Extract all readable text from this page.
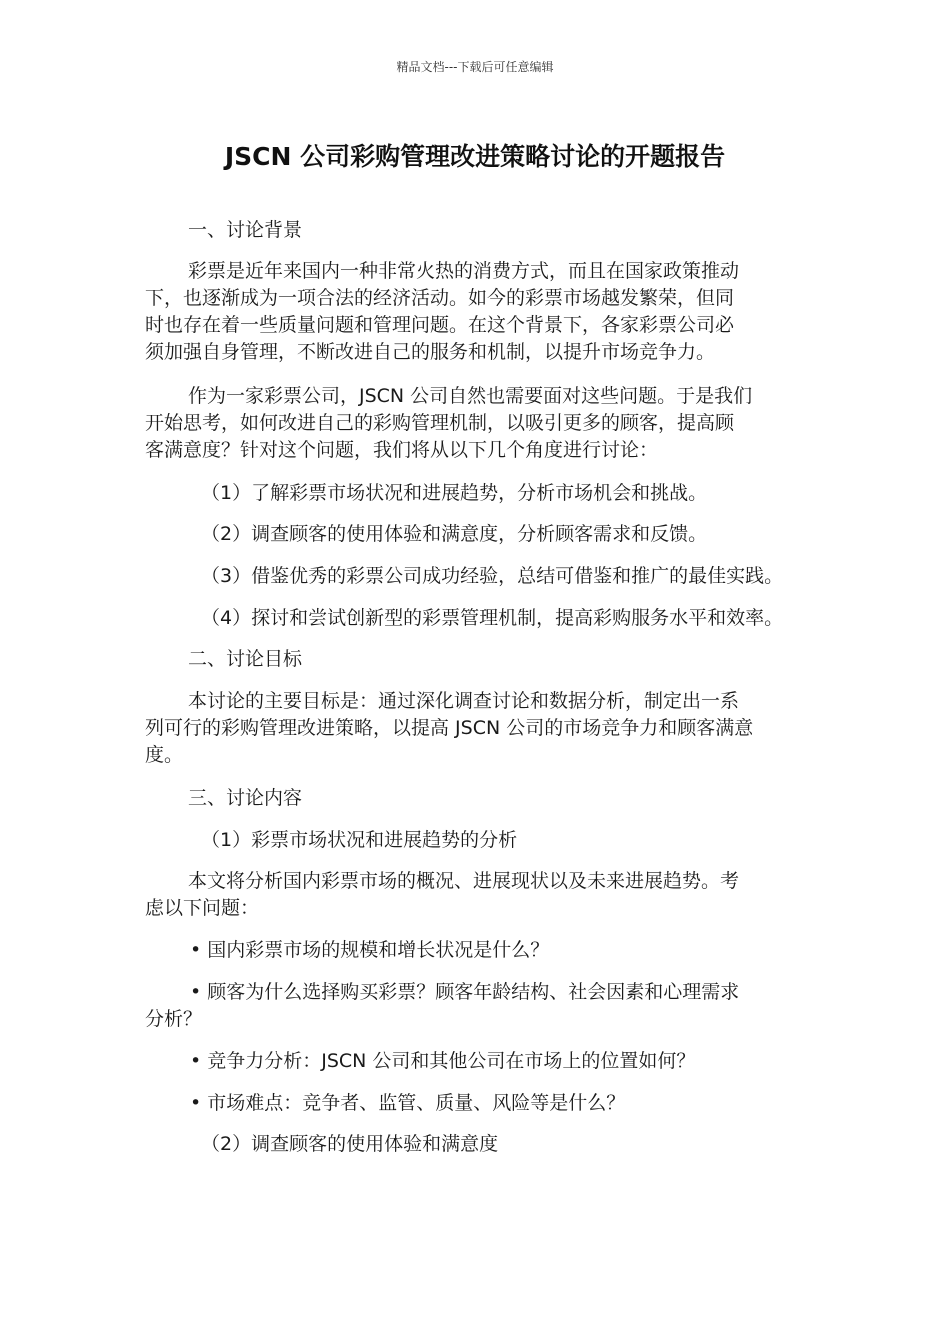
精品文档---下载后可任意编辑
JSCN 公司彩购管理改进策略讨论的开题报告
一、讨论背景
彩票是近年来国内一种非常火热的消费方式，而且在国家政策推动
下，也逐渐成为一项合法的经济活动。如今的彩票市场越发繁荣，但同
时也存在着一些质量问题和管理问题。在这个背景下，各家彩票公司必
须加强自身管理，不断改进自己的服务和机制，以提升市场竞争力。
作为一家彩票公司，JSCN 公司自然也需要面对这些问题。于是我们
开始思考，如何改进自己的彩购管理机制，以吸引更多的顾客，提高顾
客满意度？针对这个问题，我们将从以下几个角度进行讨论：
（1）了解彩票市场状况和进展趋势，分析市场机会和挑战。
（2）调查顾客的使用体验和满意度，分析顾客需求和反馈。
（3）借鉴优秀的彩票公司成功经验，总结可借鉴和推广的最佳实践。
（4）探讨和尝试创新型的彩票管理机制，提高彩购服务水平和效率。
二、讨论目标
本讨论的主要目标是：通过深化调查讨论和数据分析，制定出一系
列可行的彩购管理改进策略，以提高 JSCN 公司的市场竞争力和顾客满意
度。
三、讨论内容
（1）彩票市场状况和进展趋势的分析
本文将分析国内彩票市场的概况、进展现状以及未来进展趋势。考
虑以下问题：
• 国内彩票市场的规模和增长状况是什么？
• 顾客为什么选择购买彩票？顾客年龄结构、社会因素和心理需求
分析？
• 竞争力分析：JSCN 公司和其他公司在市场上的位置如何？
• 市场难点：竞争者、监管、质量、风险等是什么？
（2）调查顾客的使用体验和满意度
